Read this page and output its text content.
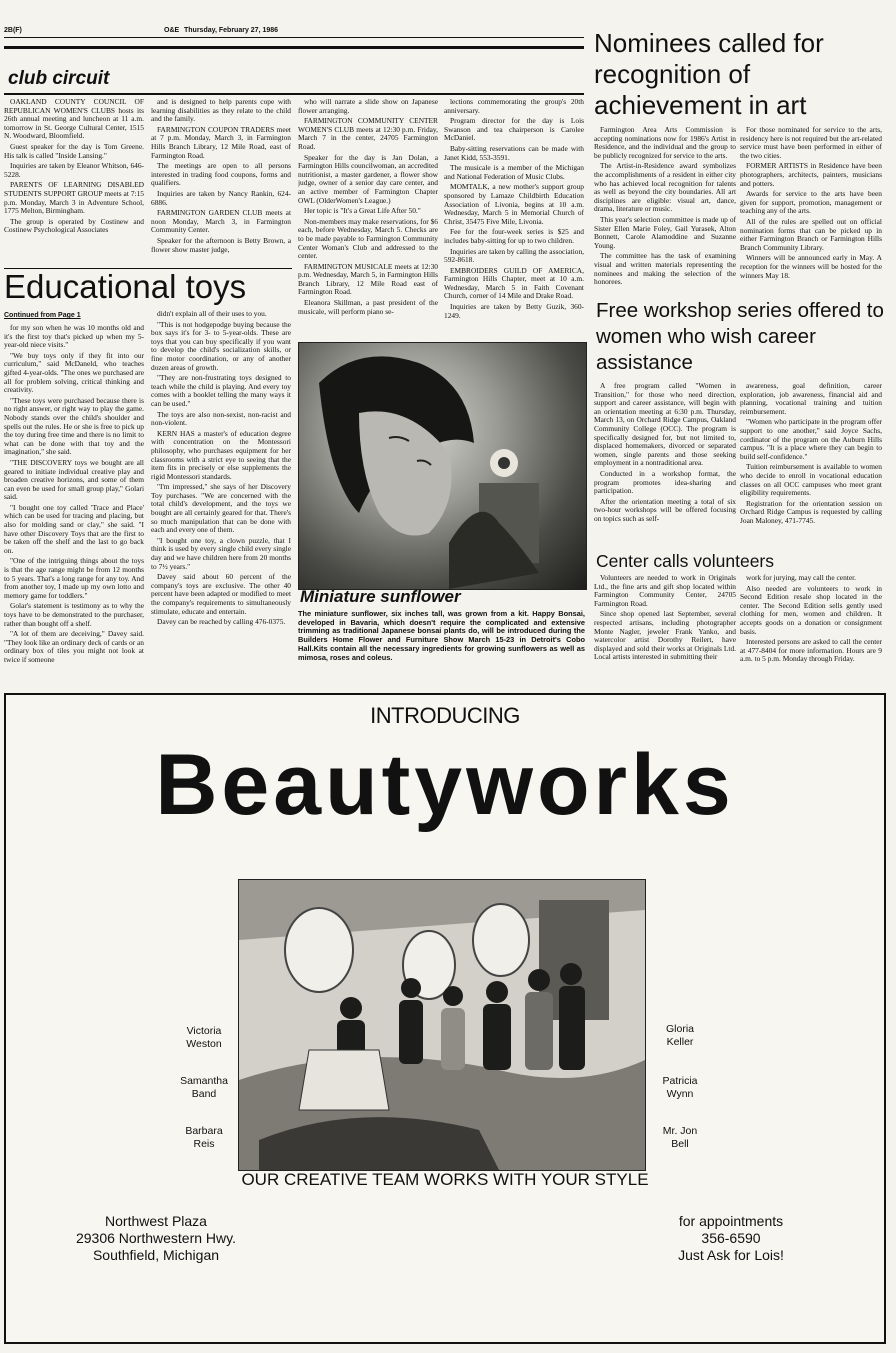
2B(F)	O&E Thursday, February 27, 1986
club circuit

OAKLAND COUNTY COUNCIL OF REPUBLICAN WOMEN'S CLUBS hosts its 26th annual meeting and luncheon at 11 a.m. tomorrow in St. George Cultural Center, 1515 N. Woodward, Bloomfield.

Guest speaker for the day is Tom Greene. His talk is called "Inside Lansing."

Inquiries are taken by Eleanor Whitson, 646-5228.

PARENTS OF LEARNING DISABLED STUDENTS SUPPORT GROUP meets at 7:15 p.m. Monday, March 3 in Adventure School, 1775 Melton, Birmingham.

The group is operated by Costinew and Costinew Psychological Associates

and is designed to help parents cope with learning disabilities as they relate to the child and the family.

FARMINGTON COUPON TRADERS meet at 7 p.m. Monday, March 3, in Farmington Hills Branch Library, 12 Mile Road, east of Farmington Road.

The meetings are open to all persons interested in trading food coupons, forms and qualifiers.

Inquiries are taken by Nancy Rankin, 624-6886.

FARMINGTON GARDEN CLUB meets at noon Monday, March 3, in Farmington Community Center.

Speaker for the afternoon is Betty Brown, a flower show master judge,

who will narrate a slide show on Japanese flower arranging.

FARMINGTON COMMUNITY CENTER WOMEN'S CLUB meets at 12:30 p.m. Friday, March 7 in the center, 24705 Farmington Road.

Speaker for the day is Jan Dolan, a Farmington Hills councilwoman, an accredited nutritionist, a master gardener, a flower show judge, owner of a senior day care center, and an active member of Farmington Chapter OWL (OlderWomen's League.)

Her topic is "It's a Great Life After 50."

Non-members may make reservations, for $6 each, before Wednesday, March 5. Checks are to be made payable to Farmington Community Center Woman's Club and addressed to the center.

FARMINGTON MUSICALE meets at 12:30 p.m. Wednesday, March 5, in Farmington Hills Branch Library, 12 Mile Road east of Farmington Road.

Eleanora Skillman, a past president of the musicale, will perform piano se-

lections commemorating the group's 20th anniversary.

Program director for the day is Lois Swanson and tea chairperson is Carolee McDaniel.

Baby-sitting reservations can be made with Janet Kidd, 553-3591.

The musicale is a member of the Michigan and National Federation of Music Clubs.

MOMTALK, a new mother's support group sponsored by Lamaze Childbirth Education Association of Livonia, begins at 10 a.m. Wednesday, March 5 in Memorial Church of Christ, 35475 Five Mile, Livonia.

Fee for the four-week series is $25 and includes baby-sitting for up to two children.

Inquiries are taken by calling the association, 592-8618.

EMBROIDERS GUILD OF AMERICA, Farmington Hills Chapter, meet at 10 a.m. Wednesday, March 5 in Faith Covenant Church, corner of 14 Mile and Drake Road.

Inquiries are taken by Betty Guzik, 360-1249.

Educational toys
Continued from Page 1

for my son when he was 10 months old and it's the first toy that's picked up when my 5-year-old niece visits."

"We buy toys only if they fit into our curriculum," said McDaneld, who teaches gifted 4-year-olds. "The ones we purchased are all for problem solving, critical thinking and creativity.

"These toys were purchased because there is no right answer, or right way to play the game. Nobody stands over the child's shoulder and spells out the rules. He or she is free to pick up the toy during free time and there is no limit to what can be done with that toy and the imagination," she said.

"THE DISCOVERY toys we bought are all geared to initiate individual creative play and broaden creative horizons, and some of them can even be used for small group play," Golari said.

"I bought one toy called 'Trace and Place' which can be used for tracing and placing, but also for molding sand or clay," she said. "I have other Discovery Toys that are the first to be taken off the shelf and the last to go back on.

"One of the intriguing things about the toys is that the age range might be from 12 months to 5 years. That's a long range for any toy. And from another toy, I made up my own lotto and memory game for toddlers."

Golar's statement is testimony as to why the toys have to be demonstrated to the purchaser, rather than bought off a shelf.

"A lot of them are deceiving," Davey said. "They look like an ordinary deck of cards or an ordinary box of tiles you might not look at twice if someone

didn't explain all of their uses to you.

"This is not hodgepodge buying because the box says it's for 3- to 5-year-olds. These are toys that you can buy specifically if you want to develop the child's socialization skills, or fine motor coordination, or any of another dozen areas of growth.

"They are non-frustrating toys designed to teach while the child is playing. And every toy comes with a booklet telling the many ways it can be used."

The toys are also non-sexist, non-racist and non-violent.

KERN HAS a master's of education degree with concentration on the Montessori philosophy, who purchases equipment for her classrooms with a strict eye to seeing that the item fits in precisely or else supplements the rigid Montessori standards.

"I'm impressed," she says of her Discovery Toy purchases. "We are concerned with the total child's development, and the toys we bought are all certainly geared for that. There's so much manipulation that can be done with each and every one of them.

"I bought one toy, a clown puzzle, that I think is used by every single child every single day and we have children here from 20 months to 7½ years."

Davey said about 60 percent of the company's toys are exclusive. The other 40 percent have been adapted or modified to meet the company's requirements to simultaneously stimulate, educate and entertain.

Davey can be reached by calling 476-0375.

Miniature sunflower
The miniature sunflower, six inches tall, was grown from a kit. Happy Bonsai, developed in Bavaria, which doesn't require the complicated and extensive trimming as traditional Japanese bonsai plants do, will be introduced during the Builders Home Flower and Furniture Show March 15-23 in Detroit's Cobo Hall.Kits contain all the necessary ingredients for growing sunflowers as well as mimosa, roses and coleus.
Nominees called for recognition of achievement in art

Farmington Area Arts Commission is accepting nominations now for 1986's Artist in Residence, and the individual and the group to be publicly recognized for service to the arts.

The Artist-in-Residence award symbolizes the accomplishments of a resident in either city who has achieved local recognition for talents as well as beyond the city boundaries. All art disciplines are eligible: visual art, dance, drama, literature or music.

This year's selection committee is made up of Sister Ellen Marie Foley, Gail Yurasek, Alton Bonnett, Carole Alamoddine and Suzanne Young.

The committee has the task of examining visual and written materials representing the nominees and making the selection of the honorees.

For those nominated for service to the arts, residency here is not required but the art-related service must have been performed in either of the two cities.

FORMER ARTISTS in Residence have been photographers, architects, painters, musicians and potters.

Awards for service to the arts have been given for support, promotion, management or teaching any of the arts.

All of the rules are spelled out on official nomination forms that can be picked up in either Farmington Branch or Farmington Hills Branch Community Library.

Winners will be announced early in May. A reception for the winners will be hosted for the winners May 18.

Free workshop series offered to women who wish career assistance

A free program called "Women in Transition," for those who need direction, support and career assistance, will begin with an orientation meeting at 6:30 p.m. Thursday, March 13, on Orchard Ridge Campus, Oakland Community College (OCC). The program is specifically designed for, but not limited to, displaced homemakers, divorced or separated women, single parents and those seeking employment in a nontraditional area.

Conducted in a workshop format, the program promotes idea-sharing and participation.

After the orientation meeting a total of six two-hour workshops will be offered focusing on topics such as self-

awareness, goal definition, career exploration, job awareness, financial aid and planning, vocational training and tuition reimbursement.

"Women who participate in the program offer support to one another," said Joyce Sachs, cordinator of the program on the Auburn Hills campus. "It is a place where they can begin to build self-confidence."

Tuition reimbursement is available to women who decide to enroll in vocational education classes on all OCC campuses who meet grant eligibility requirements.

Registration for the orientation session on Orchard Ridge Campus is requested by calling Joan Maloney, 471-7745.

Center calls volunteers

Volunteers are needed to work in Originals Ltd., the fine arts and gift shop located within Farmington Community Center, 24705 Farmington Road.

Since shop opened last September, several respected artisans, including photographer Monte Nagler, jeweler Frank Yanko, and watercolor artist Dorothy Reilert, have displayed and sold their works at Originals Ltd. Local artists interested in submitting their

work for jurying, may call the center.

Also needed are volunteers to work in Second Edition resale shop located in the center. The Second Edition sells gently used clothing for men, women and children. It accepts goods on a donation or consignment basis.

Interested persons are asked to call the center at 477-8404 for more information. Hours are 9 a.m. to 5 p.m. Monday through Friday.

INTRODUCING
Beautyworks
Victoria
Weston
Samantha
Band
Barbara
Reis
Gloria
Keller
Patricia
Wynn
Mr. Jon
Bell
OUR CREATIVE TEAM WORKS WITH YOUR STYLE
Northwest Plaza
29306 Northwestern Hwy.
Southfield, Michigan
for appointments
356-6590
Just Ask for Lois!
